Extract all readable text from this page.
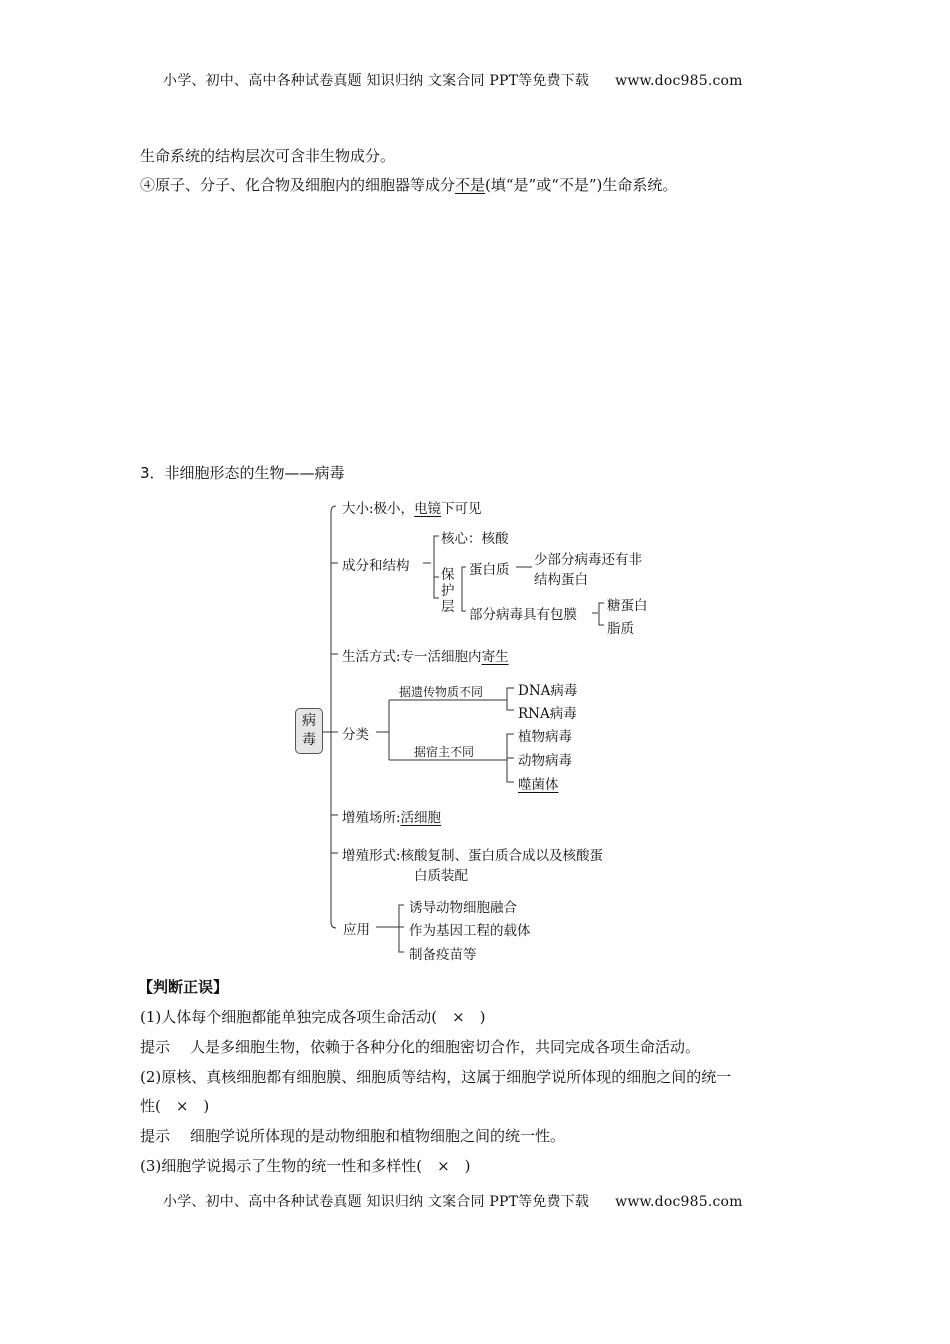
小学、初中、高中各种试卷真题 知识归纳 文案合同 PPT等免费下载 www.doc985.com
生命系统的结构层次可含非生物成分。
④原子、分子、化合物及细胞内的细胞器等成分不是(填“是”或“不是”)生命系统。
3．非细胞形态的生物——病毒
病
毒
大小:极小，电镜下可见
成分和结构
核心：核酸
保
护
层
蛋白质
少部分病毒还有非
结构蛋白
部分病毒具有包膜
糖蛋白
脂质
生活方式:专一活细胞内寄生
分类
据遗传物质不同	DNA病毒
RNA病毒
据宿主不同
植物病毒
动物病毒
噬菌体
增殖场所:活细胞
增殖形式:核酸复制、蛋白质合成以及核酸蛋
白质装配
应用
诱导动物细胞融合
作为基因工程的载体
制备疫苗等
【判断正误】
(1)人体每个细胞都能单独完成各项生命活动(　×　)
提示 人是多细胞生物，依赖于各种分化的细胞密切合作，共同完成各项生命活动。
(2)原核、真核细胞都有细胞膜、细胞质等结构，这属于细胞学说所体现的细胞之间的统一
性(　×　)
提示 细胞学说所体现的是动物细胞和植物细胞之间的统一性。
(3)细胞学说揭示了生物的统一性和多样性(　×　)
小学、初中、高中各种试卷真题 知识归纳 文案合同 PPT等免费下载 www.doc985.com
